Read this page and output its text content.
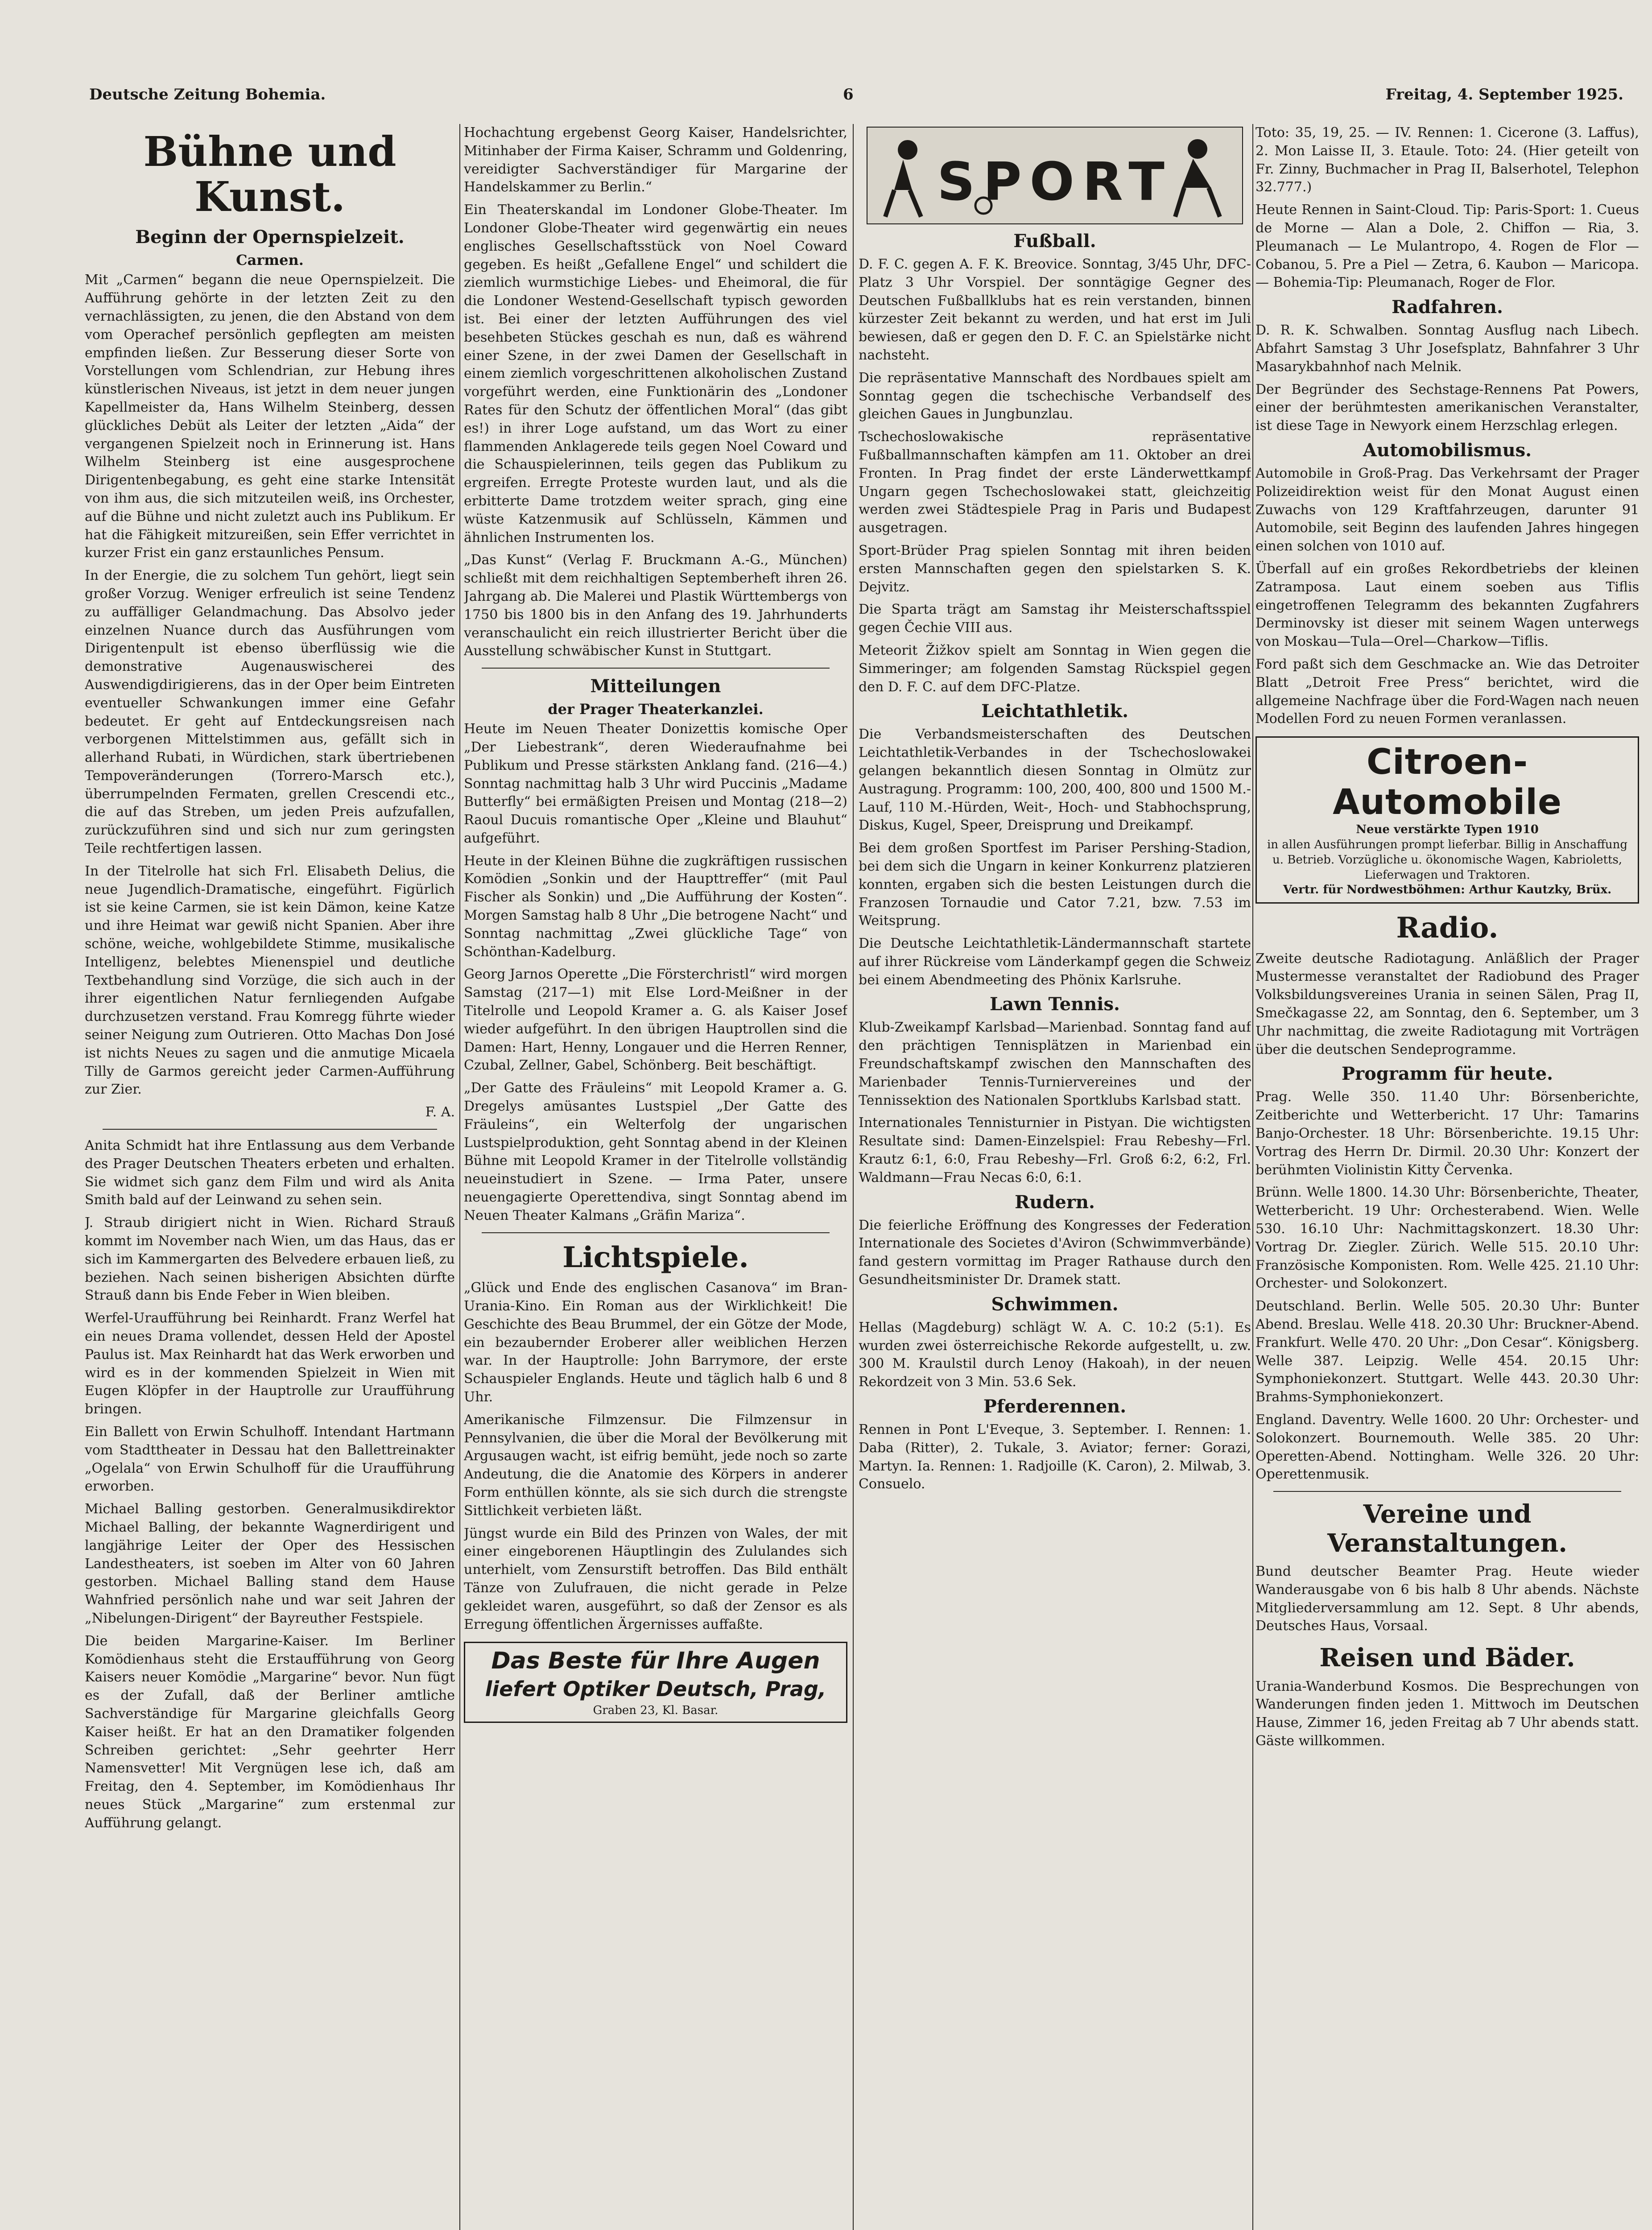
Deutsche Zeitung Bohemia.	6	Freitag, 4. September 1925.
Bühne und Kunst.
Beginn der Opernspielzeit.
Carmen.

Mit „Carmen“ begann die neue Opernspielzeit. Die Aufführung gehörte in der letzten Zeit zu den vernachlässigten, zu jenen, die den Abstand von dem vom Operachef persönlich gepflegten am meisten empfinden ließen. Zur Besserung dieser Sorte von Vorstellungen vom Schlendrian, zur Hebung ihres künstlerischen Niveaus, ist jetzt in dem neuer jungen Kapellmeister da, Hans Wilhelm Steinberg, dessen glückliches Debüt als Leiter der letzten „Aida“ der vergangenen Spielzeit noch in Erinnerung ist. Hans Wilhelm Steinberg ist eine ausgesprochene Dirigentenbegabung, es geht eine starke Intensität von ihm aus, die sich mitzuteilen weiß, ins Orchester, auf die Bühne und nicht zuletzt auch ins Publikum. Er hat die Fähigkeit mitzureißen, sein Effer verrichtet in kurzer Frist ein ganz erstaunliches Pensum.

In der Energie, die zu solchem Tun gehört, liegt sein großer Vorzug. Weniger erfreulich ist seine Tendenz zu auffälliger Gelandmachung. Das Absolvo jeder einzelnen Nuance durch das Ausführungen vom Dirigentenpult ist ebenso überflüssig wie die demonstrative Augenauswischerei des Auswendigdirigierens, das in der Oper beim Eintreten eventueller Schwankungen immer eine Gefahr bedeutet. Er geht auf Entdeckungsreisen nach verborgenen Mittelstimmen aus, gefällt sich in allerhand Rubati, in Würdichen, stark übertriebenen Tempoveränderungen (Torrero-Marsch etc.), überrumpelnden Fermaten, grellen Crescendi etc., die auf das Streben, um jeden Preis aufzufallen, zurückzuführen sind und sich nur zum geringsten Teile rechtfertigen lassen.

In der Titelrolle hat sich Frl. Elisabeth Delius, die neue Jugendlich-Dramatische, eingeführt. Figürlich ist sie keine Carmen, sie ist kein Dämon, keine Katze und ihre Heimat war gewiß nicht Spanien. Aber ihre schöne, weiche, wohlgebildete Stimme, musikalische Intelligenz, belebtes Mienenspiel und deutliche Textbehandlung sind Vorzüge, die sich auch in der ihrer eigentlichen Natur fernliegenden Aufgabe durchzusetzen verstand. Frau Komregg führte wieder seiner Neigung zum Outrieren. Otto Machas Don José ist nichts Neues zu sagen und die anmutige Micaela Tilly de Garmos gereicht jeder Carmen-Aufführung zur Zier.

F. A.

Anita Schmidt hat ihre Entlassung aus dem Verbande des Prager Deutschen Theaters erbeten und erhalten. Sie widmet sich ganz dem Film und wird als Anita Smith bald auf der Leinwand zu sehen sein.

J. Straub dirigiert nicht in Wien. Richard Strauß kommt im November nach Wien, um das Haus, das er sich im Kammergarten des Belvedere erbauen ließ, zu beziehen. Nach seinen bisherigen Absichten dürfte Strauß dann bis Ende Feber in Wien bleiben.

Werfel-Uraufführung bei Reinhardt. Franz Werfel hat ein neues Drama vollendet, dessen Held der Apostel Paulus ist. Max Reinhardt hat das Werk erworben und wird es in der kommenden Spielzeit in Wien mit Eugen Klöpfer in der Hauptrolle zur Uraufführung bringen.

Ein Ballett von Erwin Schulhoff. Intendant Hartmann vom Stadttheater in Dessau hat den Ballettreinakter „Ogelala“ von Erwin Schulhoff für die Uraufführung erworben.

Michael Balling gestorben. Generalmusikdirektor Michael Balling, der bekannte Wagnerdirigent und langjährige Leiter der Oper des Hessischen Landestheaters, ist soeben im Alter von 60 Jahren gestorben. Michael Balling stand dem Hause Wahnfried persönlich nahe und war seit Jahren der „Nibelungen-Dirigent“ der Bayreuther Festspiele.

Die beiden Margarine-Kaiser. Im Berliner Komödienhaus steht die Erstaufführung von Georg Kaisers neuer Komödie „Margarine“ bevor. Nun fügt es der Zufall, daß der Berliner amtliche Sachverständige für Margarine gleichfalls Georg Kaiser heißt. Er hat an den Dramatiker folgenden Schreiben gerichtet: „Sehr geehrter Herr Namensvetter! Mit Vergnügen lese ich, daß am Freitag, den 4. September, im Komödienhaus Ihr neues Stück „Margarine“ zum erstenmal zur Aufführung gelangt.

Hochachtung ergebenst Georg Kaiser, Handelsrichter, Mitinhaber der Firma Kaiser, Schramm und Goldenring, vereidigter Sachverständiger für Margarine der Handelskammer zu Berlin.“

Ein Theaterskandal im Londoner Globe-Theater. Im Londoner Globe-Theater wird gegenwärtig ein neues englisches Gesellschaftsstück von Noel Coward gegeben. Es heißt „Gefallene Engel“ und schildert die ziemlich wurmstichige Liebes- und Eheimoral, die für die Londoner Westend-Gesellschaft typisch geworden ist. Bei einer der letzten Aufführungen des viel besehbeten Stückes geschah es nun, daß es während einer Szene, in der zwei Damen der Gesellschaft in einem ziemlich vorgeschrittenen alkoholischen Zustand vorgeführt werden, eine Funktionärin des „Londoner Rates für den Schutz der öffentlichen Moral“ (das gibt es!) in ihrer Loge aufstand, um das Wort zu einer flammenden Anklagerede teils gegen Noel Coward und die Schauspielerinnen, teils gegen das Publikum zu ergreifen. Erregte Proteste wurden laut, und als die erbitterte Dame trotzdem weiter sprach, ging eine wüste Katzenmusik auf Schlüsseln, Kämmen und ähnlichen Instrumenten los.

„Das Kunst“ (Verlag F. Bruckmann A.-G., München) schließt mit dem reichhaltigen Septemberheft ihren 26. Jahrgang ab. Die Malerei und Plastik Württembergs von 1750 bis 1800 bis in den Anfang des 19. Jahrhunderts veranschaulicht ein reich illustrierter Bericht über die Ausstellung schwäbischer Kunst in Stuttgart.

Mitteilungen
der Prager Theaterkanzlei.

Heute im Neuen Theater Donizettis komische Oper „Der Liebestrank“, deren Wiederaufnahme bei Publikum und Presse stärksten Anklang fand. (216—4.) Sonntag nachmittag halb 3 Uhr wird Puccinis „Madame Butterfly“ bei ermäßigten Preisen und Montag (218—2) Raoul Ducuis romantische Oper „Kleine und Blauhut“ aufgeführt.

Heute in der Kleinen Bühne die zugkräftigen russischen Komödien „Sonkin und der Haupttreffer“ (mit Paul Fischer als Sonkin) und „Die Aufführung der Kosten“. Morgen Samstag halb 8 Uhr „Die betrogene Nacht“ und Sonntag nachmittag „Zwei glückliche Tage“ von Schönthan-Kadelburg.

Georg Jarnos Operette „Die Försterchristl“ wird morgen Samstag (217—1) mit Else Lord-Meißner in der Titelrolle und Leopold Kramer a. G. als Kaiser Josef wieder aufgeführt. In den übrigen Hauptrollen sind die Damen: Hart, Henny, Longauer und die Herren Renner, Czubal, Zellner, Gabel, Schönberg. Beit beschäftigt.

„Der Gatte des Fräuleins“ mit Leopold Kramer a. G. Dregelys amüsantes Lustspiel „Der Gatte des Fräuleins“, ein Welterfolg der ungarischen Lustspielproduktion, geht Sonntag abend in der Kleinen Bühne mit Leopold Kramer in der Titelrolle vollständig neueinstudiert in Szene. — Irma Pater, unsere neuengagierte Operettendiva, singt Sonntag abend im Neuen Theater Kalmans „Gräfin Mariza“.

Lichtspiele.

„Glück und Ende des englischen Casanova“ im Bran-Urania-Kino. Ein Roman aus der Wirklichkeit! Die Geschichte des Beau Brummel, der ein Götze der Mode, ein bezaubernder Eroberer aller weiblichen Herzen war. In der Hauptrolle: John Barrymore, der erste Schauspieler Englands. Heute und täglich halb 6 und 8 Uhr.

Amerikanische Filmzensur. Die Filmzensur in Pennsylvanien, die über die Moral der Bevölkerung mit Argusaugen wacht, ist eifrig bemüht, jede noch so zarte Andeutung, die die Anatomie des Körpers in anderer Form enthüllen könnte, als sie sich durch die strengste Sittlichkeit verbieten läßt.

Jüngst wurde ein Bild des Prinzen von Wales, der mit einer eingeborenen Häuptlingin des Zululandes sich unterhielt, vom Zensurstift betroffen. Das Bild enthält Tänze von Zulufrauen, die nicht gerade in Pelze gekleidet waren, ausgeführt, so daß der Zensor es als Erregung öffentlichen Ärgernisses auffaßte.

Das Beste für Ihre Augen
liefert Optiker Deutsch, Prag,
Graben 23, Kl. Basar.
SPORT
Fußball.

D. F. C. gegen A. F. K. Breovice. Sonntag, 3/45 Uhr, DFC-Platz 3 Uhr Vorspiel. Der sonntägige Gegner des Deutschen Fußballklubs hat es rein verstanden, binnen kürzester Zeit bekannt zu werden, und hat erst im Juli bewiesen, daß er gegen den D. F. C. an Spielstärke nicht nachsteht.

Die repräsentative Mannschaft des Nordbaues spielt am Sonntag gegen die tschechische Verbandself des gleichen Gaues in Jungbunzlau.

Tschechoslowakische repräsentative Fußballmannschaften kämpfen am 11. Oktober an drei Fronten. In Prag findet der erste Länderwettkampf Ungarn gegen Tschechoslowakei statt, gleichzeitig werden zwei Städtespiele Prag in Paris und Budapest ausgetragen.

Sport-Brüder Prag spielen Sonntag mit ihren beiden ersten Mannschaften gegen den spielstarken S. K. Dejvitz.

Die Sparta trägt am Samstag ihr Meisterschaftsspiel gegen Čechie VIII aus.

Meteorit Žižkov spielt am Sonntag in Wien gegen die Simmeringer; am folgenden Samstag Rückspiel gegen den D. F. C. auf dem DFC-Platze.

Leichtathletik.

Die Verbandsmeisterschaften des Deutschen Leichtathletik-Verbandes in der Tschechoslowakei gelangen bekanntlich diesen Sonntag in Olmütz zur Austragung. Programm: 100, 200, 400, 800 und 1500 M.-Lauf, 110 M.-Hürden, Weit-, Hoch- und Stabhochsprung, Diskus, Kugel, Speer, Dreisprung und Dreikampf.

Bei dem großen Sportfest im Pariser Pershing-Stadion, bei dem sich die Ungarn in keiner Konkurrenz platzieren konnten, ergaben sich die besten Leistungen durch die Franzosen Tornaudie und Cator 7.21, bzw. 7.53 im Weitsprung.

Die Deutsche Leichtathletik-Ländermannschaft startete auf ihrer Rückreise vom Länderkampf gegen die Schweiz bei einem Abendmeeting des Phönix Karlsruhe.

Lawn Tennis.

Klub-Zweikampf Karlsbad—Marienbad. Sonntag fand auf den prächtigen Tennisplätzen in Marienbad ein Freundschaftskampf zwischen den Mannschaften des Marienbader Tennis-Turniervereines und der Tennissektion des Nationalen Sportklubs Karlsbad statt.

Internationales Tennisturnier in Pistyan. Die wichtigsten Resultate sind: Damen-Einzelspiel: Frau Rebeshy—Frl. Krautz 6:1, 6:0, Frau Rebeshy—Frl. Groß 6:2, 6:2, Frl. Waldmann—Frau Necas 6:0, 6:1.

Rudern.

Die feierliche Eröffnung des Kongresses der Federation Internationale des Societes d'Aviron (Schwimmverbände) fand gestern vormittag im Prager Rathause durch den Gesundheitsminister Dr. Dramek statt.

Schwimmen.

Hellas (Magdeburg) schlägt W. A. C. 10:2 (5:1). Es wurden zwei österreichische Rekorde aufgestellt, u. zw. 300 M. Kraulstil durch Lenoy (Hakoah), in der neuen Rekordzeit von 3 Min. 53.6 Sek.

Pferderennen.

Rennen in Pont L'Eveque, 3. September. I. Rennen: 1. Daba (Ritter), 2. Tukale, 3. Aviator; ferner: Gorazi, Martyn. Ia. Rennen: 1. Radjoille (K. Caron), 2. Milwab, 3. Consuelo.

Toto: 35, 19, 25. — IV. Rennen: 1. Cicerone (3. Laffus), 2. Mon Laisse II, 3. Etaule. Toto: 24. (Hier geteilt von Fr. Zinny, Buchmacher in Prag II, Balserhotel, Telephon 32.777.)

Heute Rennen in Saint-Cloud. Tip: Paris-Sport: 1. Cueus de Morne — Alan a Dole, 2. Chiffon — Ria, 3. Pleumanach — Le Mulantropo, 4. Rogen de Flor — Cobanou, 5. Pre a Piel — Zetra, 6. Kaubon — Maricopa. — Bohemia-Tip: Pleumanach, Roger de Flor.

Radfahren.

D. R. K. Schwalben. Sonntag Ausflug nach Libech. Abfahrt Samstag 3 Uhr Josefsplatz, Bahnfahrer 3 Uhr Masarykbahnhof nach Melnik.

Der Begründer des Sechstage-Rennens Pat Powers, einer der berühmtesten amerikanischen Veranstalter, ist diese Tage in Newyork einem Herzschlag erlegen.

Automobilismus.

Automobile in Groß-Prag. Das Verkehrsamt der Prager Polizeidirektion weist für den Monat August einen Zuwachs von 129 Kraftfahrzeugen, darunter 91 Automobile, seit Beginn des laufenden Jahres hingegen einen solchen von 1010 auf.

Überfall auf ein großes Rekordbetriebs der kleinen Zatramposa. Laut einem soeben aus Tiflis eingetroffenen Telegramm des bekannten Zugfahrers Derminovsky ist dieser mit seinem Wagen unterwegs von Moskau—Tula—Orel—Charkow—Tiflis.

Ford paßt sich dem Geschmacke an. Wie das Detroiter Blatt „Detroit Free Press“ berichtet, wird die allgemeine Nachfrage über die Ford-Wagen nach neuen Modellen Ford zu neuen Formen veranlassen.

Citroen-Automobile
Neue verstärkte Typen 1910
in allen Ausführungen prompt lieferbar. Billig in Anschaffung u. Betrieb. Vorzügliche u. ökonomische Wagen, Kabrioletts, Lieferwagen und Traktoren.
Vertr. für Nordwestböhmen: Arthur Kautzky, Brüx.
Radio.

Zweite deutsche Radiotagung. Anläßlich der Prager Mustermesse veranstaltet der Radiobund des Prager Volksbildungsvereines Urania in seinen Sälen, Prag II, Smečkagasse 22, am Sonntag, den 6. September, um 3 Uhr nachmittag, die zweite Radiotagung mit Vorträgen über die deutschen Sendeprogramme.

Programm für heute.

Prag. Welle 350. 11.40 Uhr: Börsenberichte, Zeitberichte und Wetterbericht. 17 Uhr: Tamarins Banjo-Orchester. 18 Uhr: Börsenberichte. 19.15 Uhr: Vortrag des Herrn Dr. Dirmil. 20.30 Uhr: Konzert der berühmten Violinistin Kitty Červenka.

Brünn. Welle 1800. 14.30 Uhr: Börsenberichte, Theater, Wetterbericht. 19 Uhr: Orchesterabend. Wien. Welle 530. 16.10 Uhr: Nachmittagskonzert. 18.30 Uhr: Vortrag Dr. Ziegler. Zürich. Welle 515. 20.10 Uhr: Französische Komponisten. Rom. Welle 425. 21.10 Uhr: Orchester- und Solokonzert.

Deutschland. Berlin. Welle 505. 20.30 Uhr: Bunter Abend. Breslau. Welle 418. 20.30 Uhr: Bruckner-Abend. Frankfurt. Welle 470. 20 Uhr: „Don Cesar“. Königsberg. Welle 387. Leipzig. Welle 454. 20.15 Uhr: Symphoniekonzert. Stuttgart. Welle 443. 20.30 Uhr: Brahms-Symphoniekonzert.

England. Daventry. Welle 1600. 20 Uhr: Orchester- und Solokonzert. Bournemouth. Welle 385. 20 Uhr: Operetten-Abend. Nottingham. Welle 326. 20 Uhr: Operettenmusik.

Vereine und Veranstaltungen.

Bund deutscher Beamter Prag. Heute wieder Wanderausgabe von 6 bis halb 8 Uhr abends. Nächste Mitgliederversammlung am 12. Sept. 8 Uhr abends, Deutsches Haus, Vorsaal.

Reisen und Bäder.

Urania-Wanderbund Kosmos. Die Besprechungen von Wanderungen finden jeden 1. Mittwoch im Deutschen Hause, Zimmer 16, jeden Freitag ab 7 Uhr abends statt. Gäste willkommen.
